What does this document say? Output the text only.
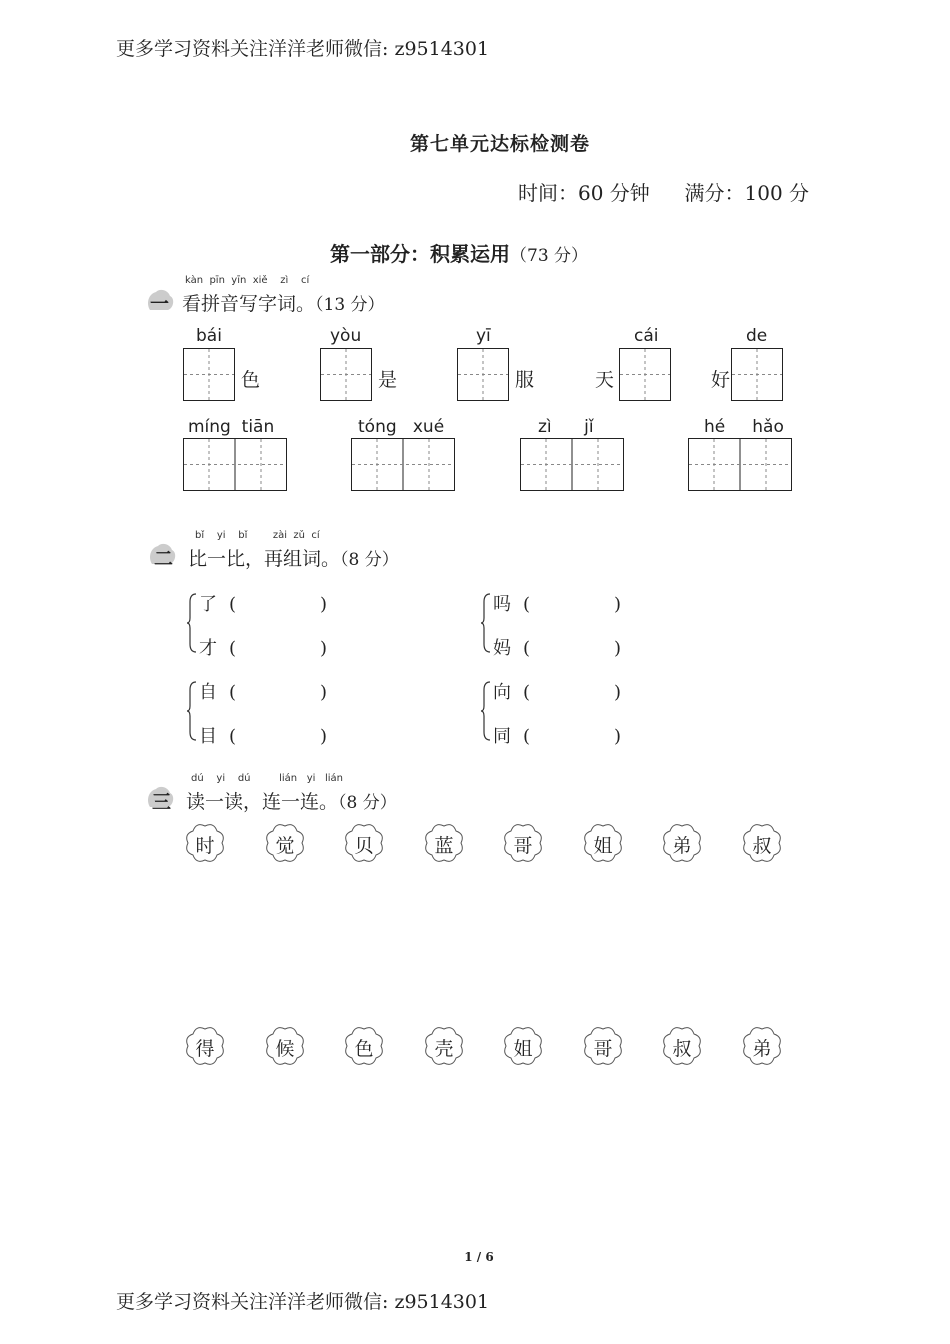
更多学习资料关注洋洋老师微信: z9514301
更多学习资料关注洋洋老师微信: z9514301
第七单元达标检测卷
时间：60 分钟 满分：100 分
第一部分：积累运用（73 分）
kàn pīn yīn xiě zì cí
一 看拼音写字词。（13 分）
bái	yòu	yī	cái	de
色	是	服	天	好
míng tiān	tóng xué	zì jǐ	hé hǎo
bǐ yi bǐ	zài zǔ cí
二 比一比，再组词。（8 分）
了 (	)
才 (	)
吗 (	)
妈 (	)
自 (	)
目 (	)
向 (	)
同 (	)
dú yi dú	lián yi lián
三 读一读，连一连。（8 分）
时	觉	贝	蓝	哥	姐	弟	叔
得	候	色	壳	姐	哥	叔	弟
1 / 6
